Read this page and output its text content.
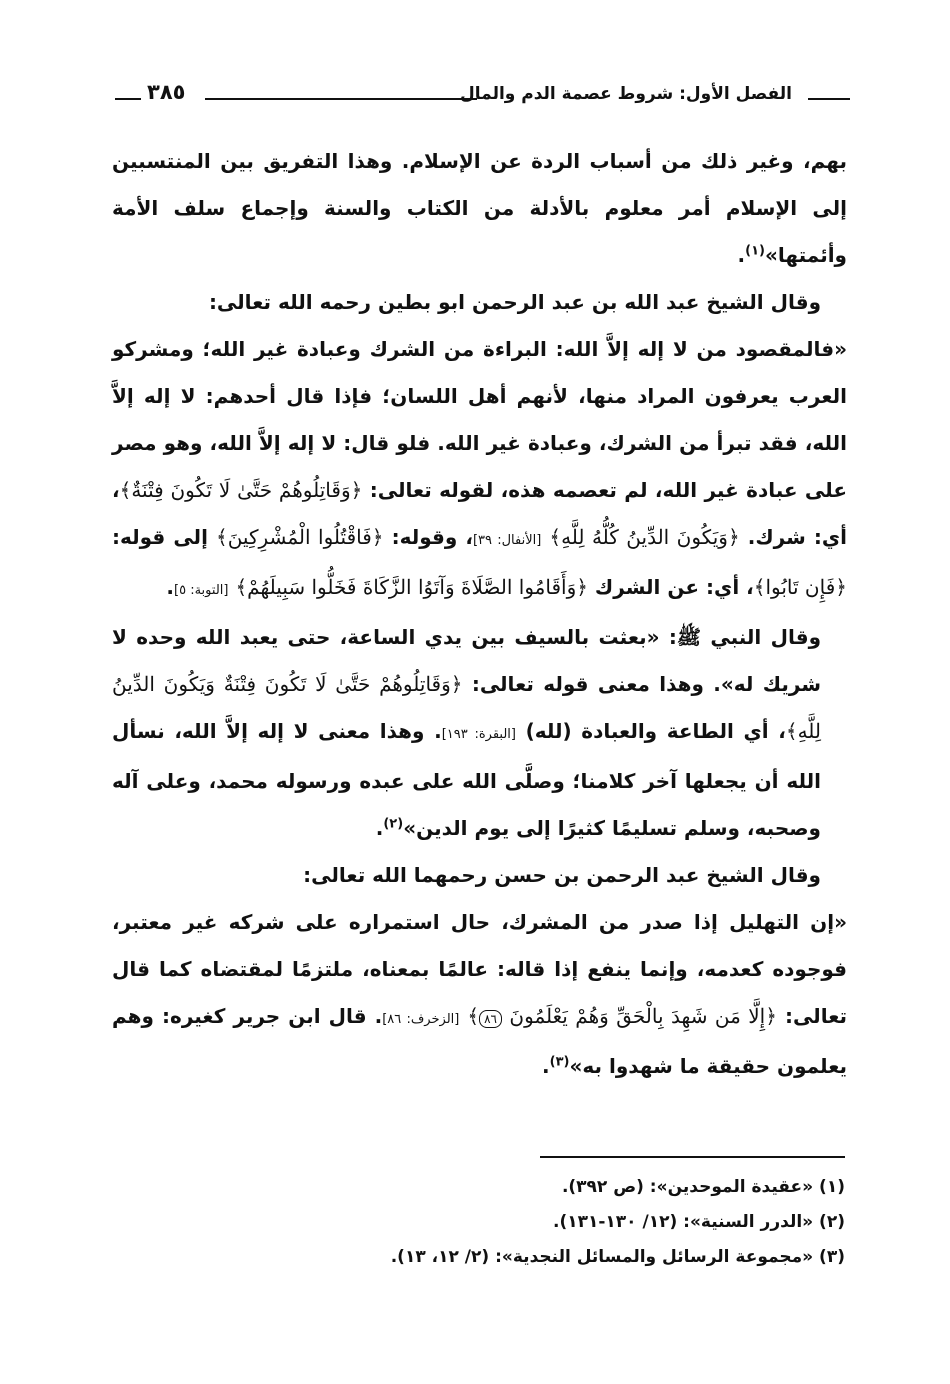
الفصل الأول: شروط عصمة الدم والمال
٣٨٥

بهم، وغير ذلك من أسباب الردة عن الإسلام. وهذا التفريق بين المنتسبين إلى الإسلام أمر معلوم بالأدلة من الكتاب والسنة وإجماع سلف الأمة وأئمتها»$^{(١)}$.

وقال الشيخ عبد الله بن عبد الرحمن ابو بطين رحمه الله تعالى:

«فالمقصود من لا إله إلاَّ الله: البراءة من الشرك وعبادة غير الله؛ ومشركو العرب يعرفون المراد منها، لأنهم أهل اللسان؛ فإذا قال أحدهم: لا إله إلاَّ الله، فقد تبرأ من الشرك، وعبادة غير الله. فلو قال: لا إله إلاَّ الله، وهو مصر على عبادة غير الله، لم تعصمه هذه، لقوله تعالى: ﴿وَقَاتِلُوهُمْ حَتَّىٰ لَا تَكُونَ فِتْنَةٌ﴾، أي: شرك. ﴿وَيَكُونَ الدِّينُ كُلُّهُ لِلَّهِ﴾ [الأنفال: ٣٩]، وقوله: ﴿فَاقْتُلُوا الْمُشْرِكِينَ﴾ إلى قوله: ﴿فَإِن تَابُوا﴾، أي: عن الشرك ﴿وَأَقَامُوا الصَّلَاةَ وَآتَوُا الزَّكَاةَ فَخَلُّوا سَبِيلَهُمْ﴾ [التوبة: ٥].

وقال النبي ﷺ: «بعثت بالسيف بين يدي الساعة، حتى يعبد الله وحده لا شريك له». وهذا معنى قوله تعالى: ﴿وَقَاتِلُوهُمْ حَتَّىٰ لَا تَكُونَ فِتْنَةٌ وَيَكُونَ الدِّينُ لِلَّهِ﴾، أي الطاعة والعبادة (لله) [البقرة: ١٩٣]. وهذا معنى لا إله إلاَّ الله، نسأل الله أن يجعلها آخر كلامنا؛ وصلَّى الله على عبده ورسوله محمد، وعلى آله وصحبه، وسلم تسليمًا كثيرًا إلى يوم الدين»$^{(٢)}$.

وقال الشيخ عبد الرحمن بن حسن رحمهما الله تعالى:

«إن التهليل إذا صدر من المشرك، حال استمراره على شركه غير معتبر، فوجوده كعدمه، وإنما ينفع إذا قاله: عالمًا بمعناه، ملتزمًا لمقتضاه كما قال تعالى: ﴿إِلَّا مَن شَهِدَ بِالْحَقِّ وَهُمْ يَعْلَمُونَ ٨٦﴾ [الزخرف: ٨٦]. قال ابن جرير كغيره: وهم يعلمون حقيقة ما شهدوا به»$^{(٣)}$.

(١) «عقيدة الموحدين»: (ص ٣٩٢).

(٢) «الدرر السنية»: (١٢/ ١٣٠-١٣١).

(٣) «مجموعة الرسائل والمسائل النجدية»: (٢/ ١٢، ١٣).
